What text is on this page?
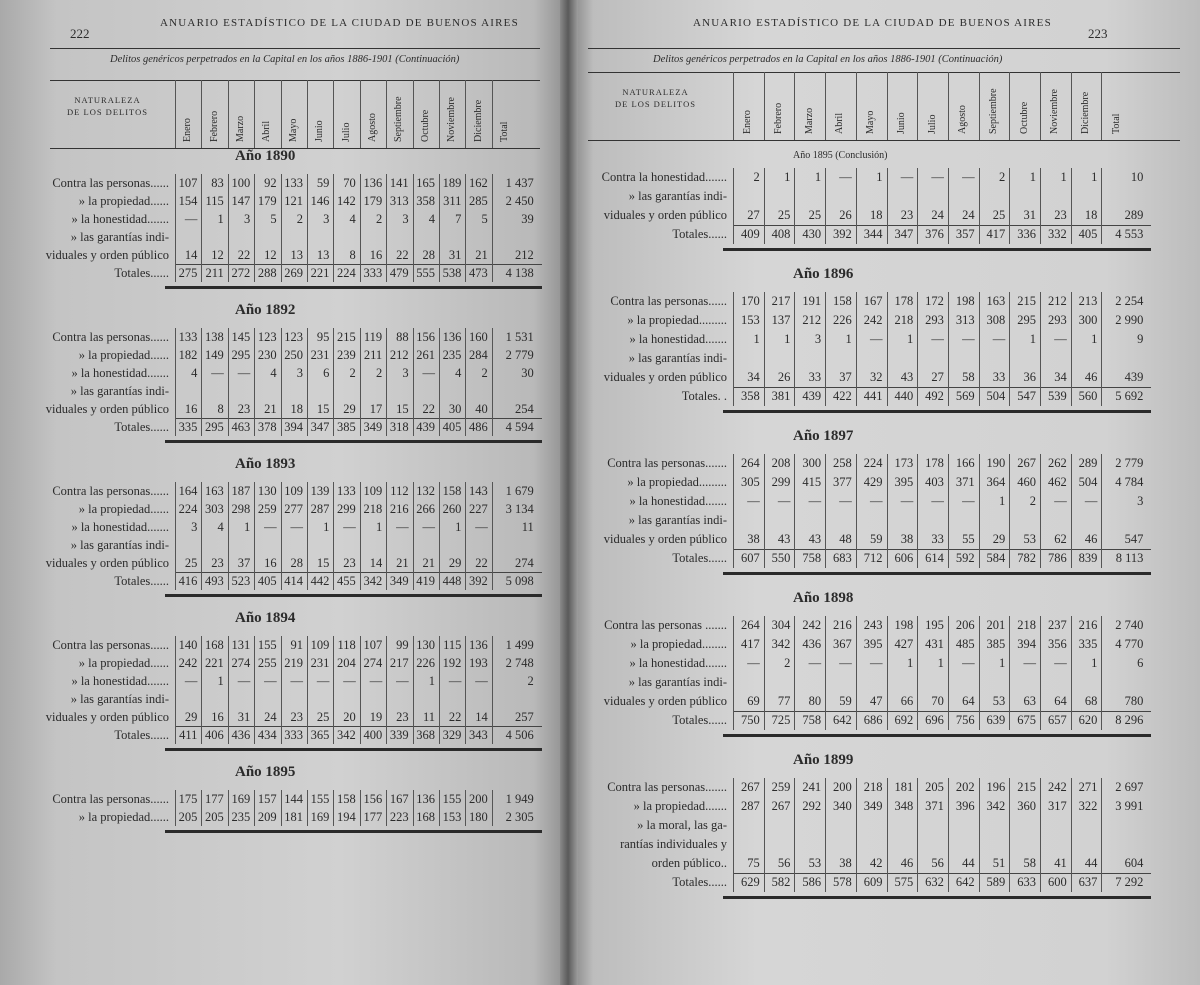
222
ANUARIO ESTADÍSTICO DE LA CIUDAD DE BUENOS AIRES
Delitos genéricos perpetrados en la Capital en los años 1886-1901 (Continuación)
NATURALEZA
DE LOS DELITOS
Enero Febrero Marzo Abril Mayo Junio Julio Agosto Septiembre Octubre Noviembre Diciembre Total
Año 1890
Contra las personas...... 107	83 100	92 133	59	70 136 141 165 189 162	1 437
» la propiedad...... 154 115 147 179 121 146 142 179 313 358 311 285	2 450
» la honestidad.......	—	1	3	5	2	3	4	2	3	4	7	5	39
» las garantías indi-
viduales y orden público	14	12	22	12	13	13	8	16	22	28	31	21	212
Totales...... 275 211 272 288 269 221 224 333 479 555 538 473	4 138
Año 1892
Contra las personas...... 133 138 145 123 123	95 215 119	88 156 136 160	1 531
» la propiedad...... 182 149 295 230 250 231 239 211 212 261 235 284	2 779
» la honestidad.......	4	—	—	4	3	6	2	2	3	—	4	2	30
» las garantías indi-
viduales y orden público	16	8	23	21	18	15	29	17	15	22	30	40	254
Totales...... 335 295 463 378 394 347 385 349 318 439 405 486	4 594
Año 1893
Contra las personas...... 164 163 187 130 109 139 133 109 112 132 158 143	1 679
» la propiedad...... 224 303 298 259 277 287 299 218 216 266 260 227	3 134
» la honestidad.......	3	4	1	—	—	1	—	1	—	—	1	—	11
» las garantías indi-
viduales y orden público	25	23	37	16	28	15	23	14	21	21	29	22	274
Totales...... 416 493 523 405 414 442 455 342 349 419 448 392	5 098
Año 1894
Contra las personas...... 140 168 131 155	91 109 118 107	99 130 115 136	1 499
» la propiedad...... 242 221 274 255 219 231 204 274 217 226 192 193	2 748
» la honestidad.......	—	1	—	—	—	—	—	—	—	1	—	—	2
» las garantías indi-
viduales y orden público	29	16	31	24	23	25	20	19	23	11	22	14	257
Totales...... 411 406 436 434 333 365 342 400 339 368 329 343	4 506
Año 1895
Contra las personas...... 175 177 169 157 144 155 158 156 167 136 155 200	1 949
» la propiedad...... 205 205 235 209 181 169 194 177 223 168 153 180	2 305
223
ANUARIO ESTADÍSTICO DE LA CIUDAD DE BUENOS AIRES
Delitos genéricos perpetrados en la Capital en los años 1886-1901 (Continuación)
NATURALEZA
DE LOS DELITOS
Enero Febrero Marzo Abril Mayo Junio Julio Agosto Septiembre Octubre Noviembre Diciembre Total
Año 1895 (Conclusión)
Contra la honestidad.......	2	1	1	—	1	—	—	—	2	1	1	1	10
» las garantías indi-
viduales y orden público	27	25	25	26	18	23	24	24	25	31	23	18	289
Totales......	409 408 430 392 344 347 376 357 417 336 332 405	4 553
Año 1896
Contra las personas......	170 217 191 158 167 178 172 198 163 215 212 213	2 254
» la propiedad.........	153 137 212 226 242 218 293 313 308 295 293 300	2 990
» la honestidad.......	1	1	3	1	—	1	—	—	—	1	—	1	9
» las garantías indi-
viduales y orden público	34	26	33	37	32	43	27	58	33	36	34	46	439
Totales. .	358 381 439 422 441 440 492 569 504 547 539 560	5 692
Año 1897
Contra las personas.......	264 208 300 258 224 173 178 166 190 267 262 289	2 779
» la propiedad.........	305 299 415 377 429 395 403 371 364 460 462 504	4 784
» la honestidad.......	—	—	—	—	—	—	—	—	1	2	—	—	3
» las garantías indi-
viduales y orden público	38	43	43	48	59	38	33	55	29	53	62	46	547
Totales......	607 550 758 683 712 606 614 592 584 782 786 839	8 113
Año 1898
Contra las personas .......	264 304 242 216 243 198 195 206 201 218 237 216	2 740
» la propiedad........	417 342 436 367 395 427 431 485 385 394 356 335	4 770
» la honestidad.......	—	2	—	—	—	1	1	—	1	—	—	1	6
» las garantías indi-
viduales y orden público	69	77	80	59	47	66	70	64	53	63	64	68	780
Totales......	750 725 758 642 686 692 696 756 639 675 657 620	8 296
Año 1899
Contra las personas.......	267 259 241 200 218 181 205 202 196 215 242 271	2 697
» la propiedad.......	287 267 292 340 349 348 371 396 342 360 317 322	3 991
» la moral, las ga-
rantías individuales y
orden público..	75	56	53	38	42	46	56	44	51	58	41	44	604
Totales......	629 582 586 578 609 575 632 642 589 633 600 637	7 292
